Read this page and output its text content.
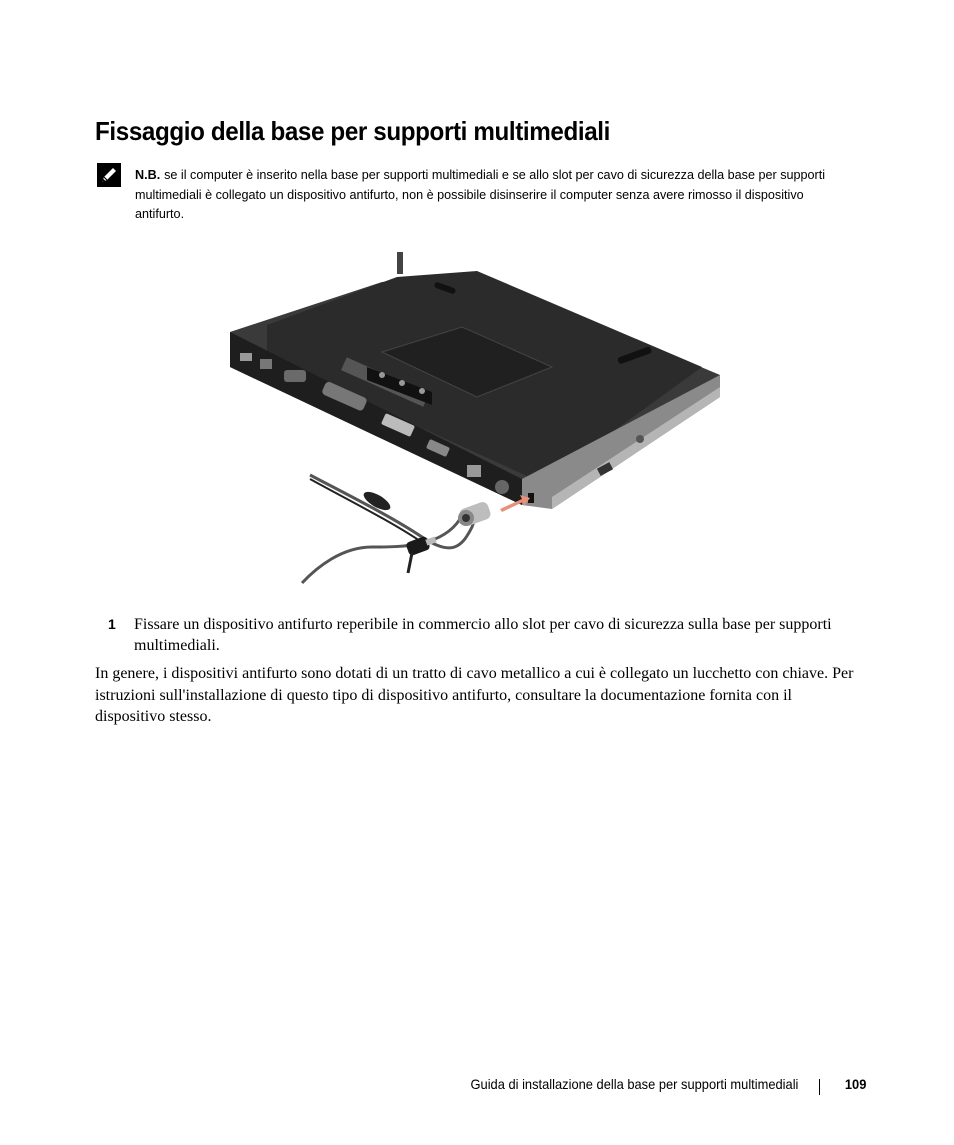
Fissaggio della base per supporti multimediali
N.B. se il computer è inserito nella base per supporti multimediali e se allo slot per cavo di sicurezza della base per supporti multimediali è collegato un dispositivo antifurto, non è possibile disinserire il computer senza avere rimosso il dispositivo antifurto.
1 Fissare un dispositivo antifurto reperibile in commercio allo slot per cavo di sicurezza sulla base per supporti multimediali.
In genere, i dispositivi antifurto sono dotati di un tratto di cavo metallico a cui è collegato un lucchetto con chiave. Per istruzioni sull'installazione di questo tipo di dispositivo antifurto, consultare la documentazione fornita con il dispositivo stesso.
Guida di installazione della base per supporti multimediali	109
